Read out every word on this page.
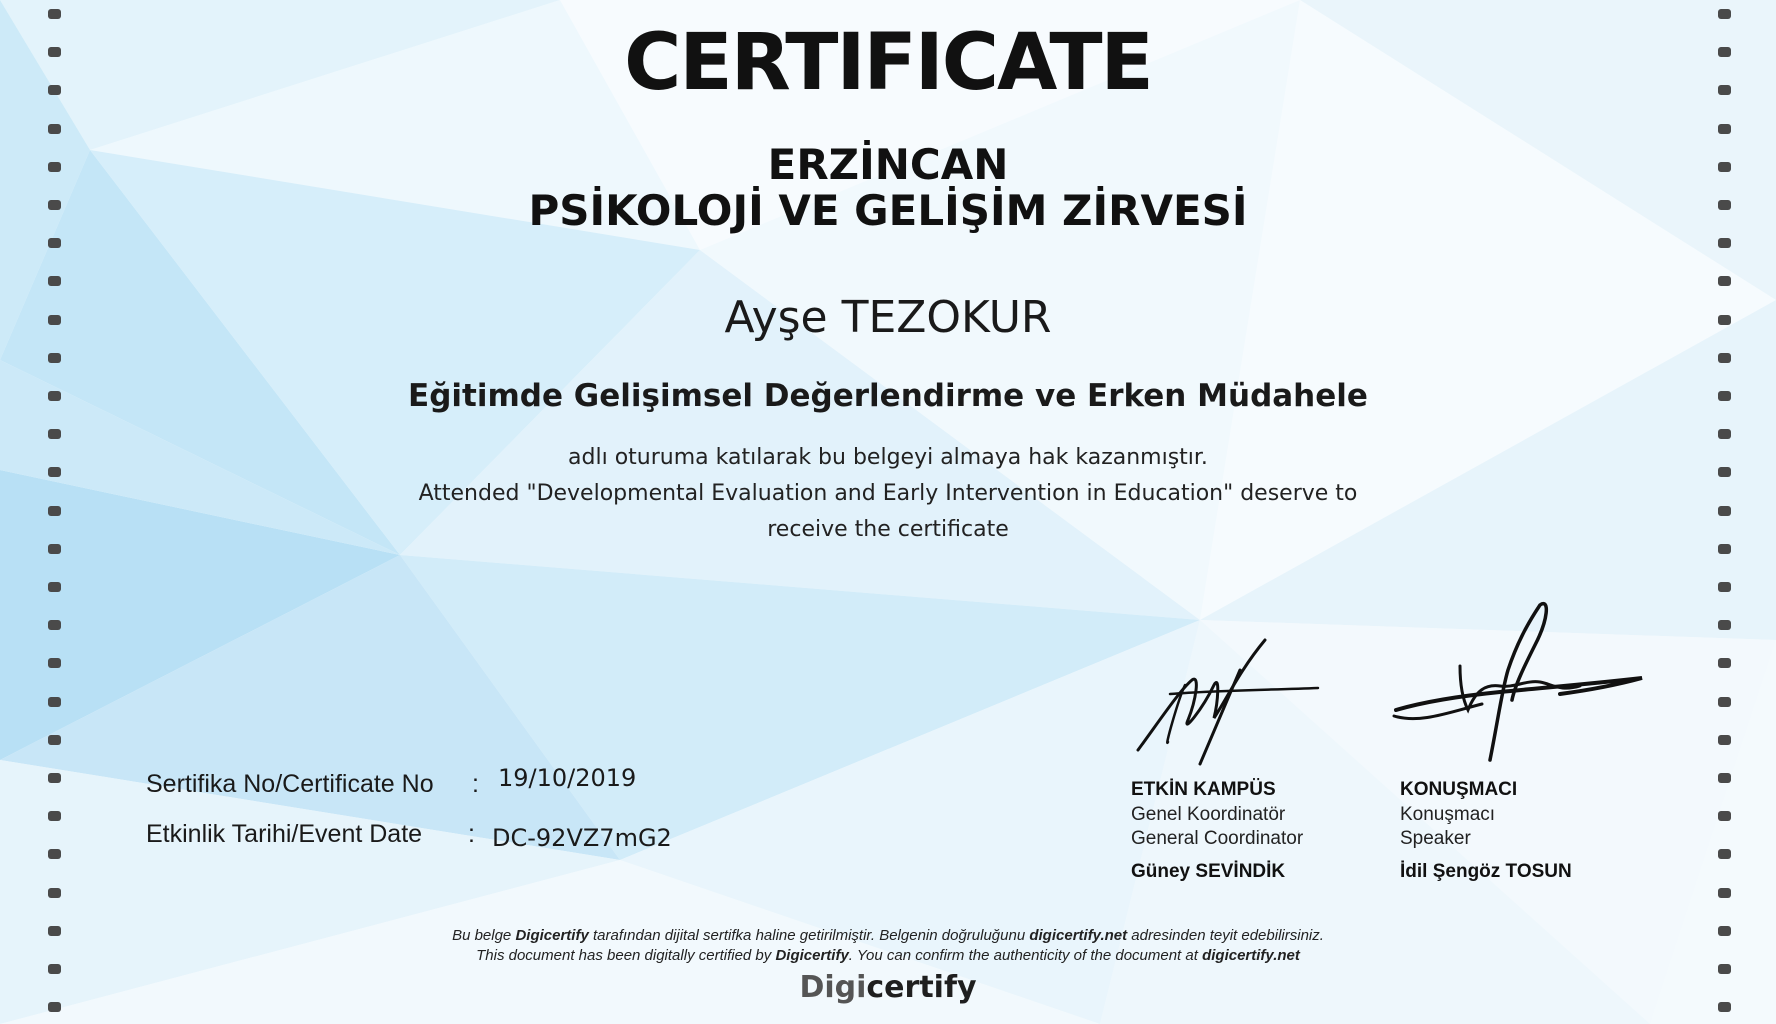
CERTIFICATE
ERZİNCAN
PSİKOLOJİ VE GELİŞİM ZİRVESİ
Ayşe TEZOKUR
Eğitimde Gelişimsel Değerlendirme ve Erken Müdahele
adlı oturuma katılarak bu belgeyi almaya hak kazanmıştır.
Attended "Developmental Evaluation and Early Intervention in Education" deserve to
receive the certificate
Sertifika No/Certificate No : 19/10/2019
Etkinlik Tarihi/Event Date : DC-92VZ7mG2
ETKİN KAMPÜS
Genel Koordinatör
General Coordinator
Güney SEVİNDİK
KONUŞMACI
Konuşmacı
Speaker
İdil Şengöz TOSUN
Bu belge Digicertify tarafından dijital sertifka haline getirilmiştir. Belgenin doğruluğunu digicertify.net adresinden teyit edebilirsiniz.
This document has been digitally certified by Digicertify. You can confirm the authenticity of the document at digicertify.net
Digicertify
